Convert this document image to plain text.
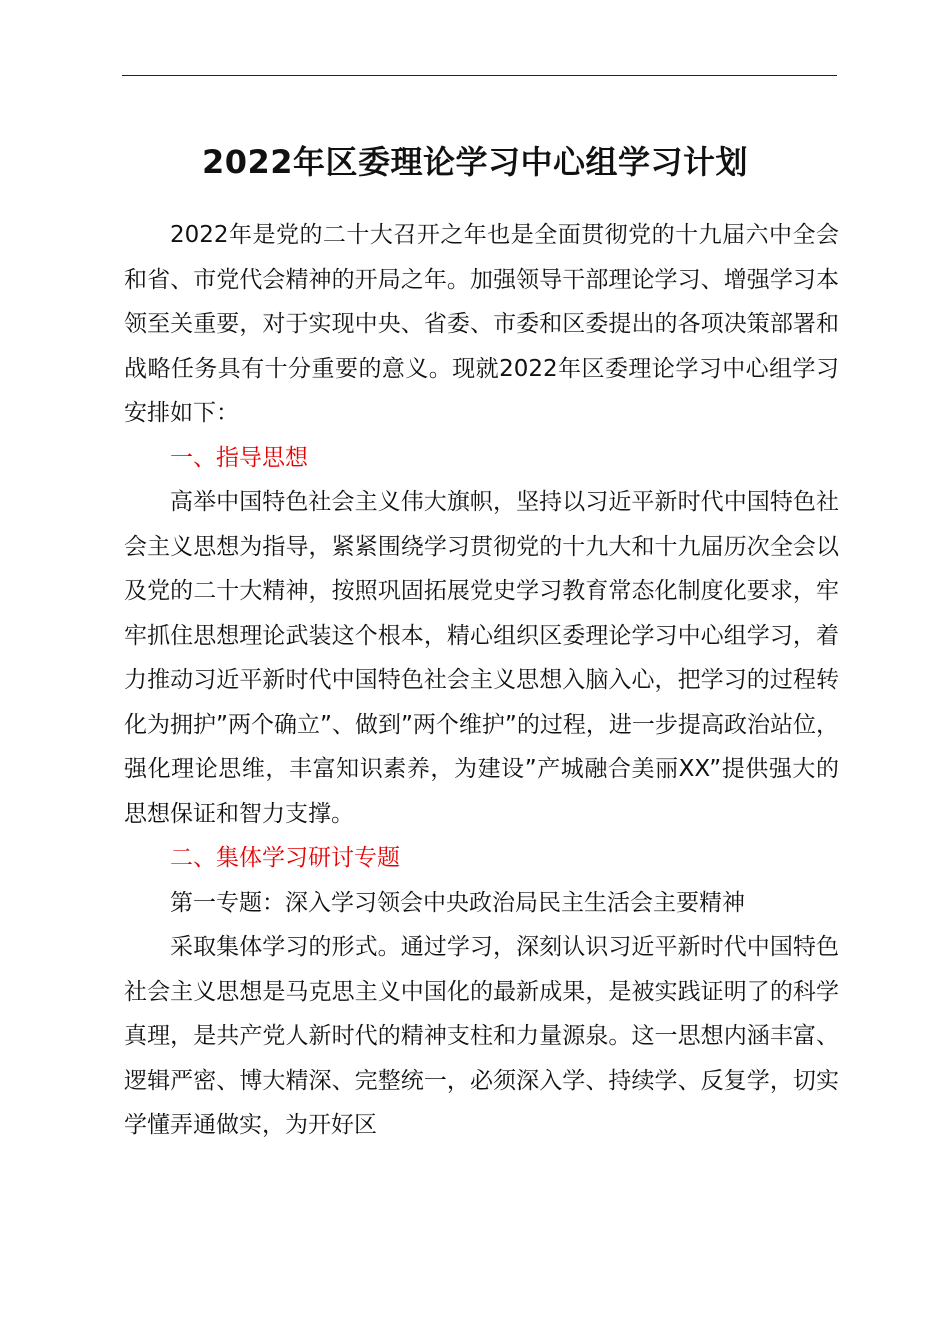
2022年区委理论学习中心组学习计划

2022年是党的二十大召开之年也是全面贯彻党的十九届六中全会和省、市党代会精神的开局之年。加强领导干部理论学习、增强学习本领至关重要，对于实现中央、省委、市委和区委提出的各项决策部署和战略任务具有十分重要的意义。现就2022年区委理论学习中心组学习安排如下：

一、指导思想

高举中国特色社会主义伟大旗帜，坚持以习近平新时代中国特色社会主义思想为指导，紧紧围绕学习贯彻党的十九大和十九届历次全会以及党的二十大精神，按照巩固拓展党史学习教育常态化制度化要求，牢牢抓住思想理论武装这个根本，精心组织区委理论学习中心组学习，着力推动习近平新时代中国特色社会主义思想入脑入心，把学习的过程转化为拥护”两个确立”、做到”两个维护”的过程，进一步提高政治站位，强化理论思维，丰富知识素养，为建设”产城融合美丽XX”提供强大的思想保证和智力支撑。

二、集体学习研讨专题

第一专题：深入学习领会中央政治局民主生活会主要精神

采取集体学习的形式。通过学习，深刻认识习近平新时代中国特色社会主义思想是马克思主义中国化的最新成果，是被实践证明了的科学真理，是共产党人新时代的精神支柱和力量源泉。这一思想内涵丰富、逻辑严密、博大精深、完整统一，必须深入学、持续学、反复学，切实学懂弄通做实，为开好区
